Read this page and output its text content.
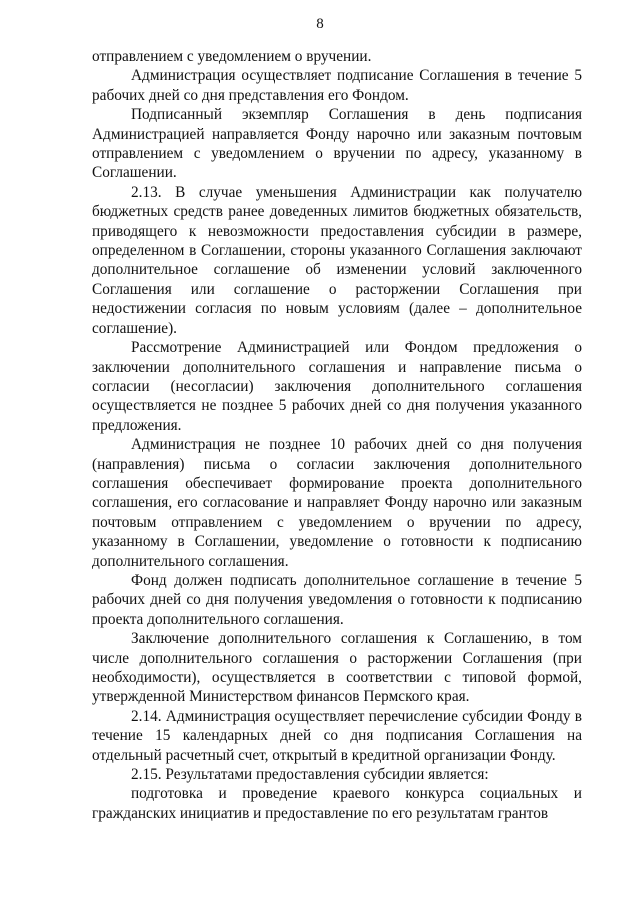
8

отправлением с уведомлением о вручении.

Администрация осуществляет подписание Соглашения в течение 5 рабочих дней со дня представления его Фондом.

Подписанный экземпляр Соглашения в день подписания Администрацией направляется Фонду нарочно или заказным почтовым отправлением с уведомлением о вручении по адресу, указанному в Соглашении.

2.13. В случае уменьшения Администрации как получателю бюджетных средств ранее доведенных лимитов бюджетных обязательств, приводящего к невозможности предоставления субсидии в размере, определенном в Соглашении, стороны указанного Соглашения заключают дополнительное соглашение об изменении условий заключенного Соглашения или соглашение о расторжении Соглашения при недостижении согласия по новым условиям (далее – дополнительное соглашение).

Рассмотрение Администрацией или Фондом предложения о заключении дополнительного соглашения и направление письма о согласии (несогласии) заключения дополнительного соглашения осуществляется не позднее 5 рабочих дней со дня получения указанного предложения.

Администрация не позднее 10 рабочих дней со дня получения (направления) письма о согласии заключения дополнительного соглашения обеспечивает формирование проекта дополнительного соглашения, его согласование и направляет Фонду нарочно или заказным почтовым отправлением с уведомлением о вручении по адресу, указанному в Соглашении, уведомление о готовности к подписанию дополнительного соглашения.

Фонд должен подписать дополнительное соглашение в течение 5 рабочих дней со дня получения уведомления о готовности к подписанию проекта дополнительного соглашения.

Заключение дополнительного соглашения к Соглашению, в том числе дополнительного соглашения о расторжении Соглашения (при необходимости), осуществляется в соответствии с типовой формой, утвержденной Министерством финансов Пермского края.

2.14. Администрация осуществляет перечисление субсидии Фонду в течение 15 календарных дней со дня подписания Соглашения на отдельный расчетный счет, открытый в кредитной организации Фонду.

2.15. Результатами предоставления субсидии является:

подготовка и проведение краевого конкурса социальных и гражданских инициатив и предоставление по его результатам грантов
